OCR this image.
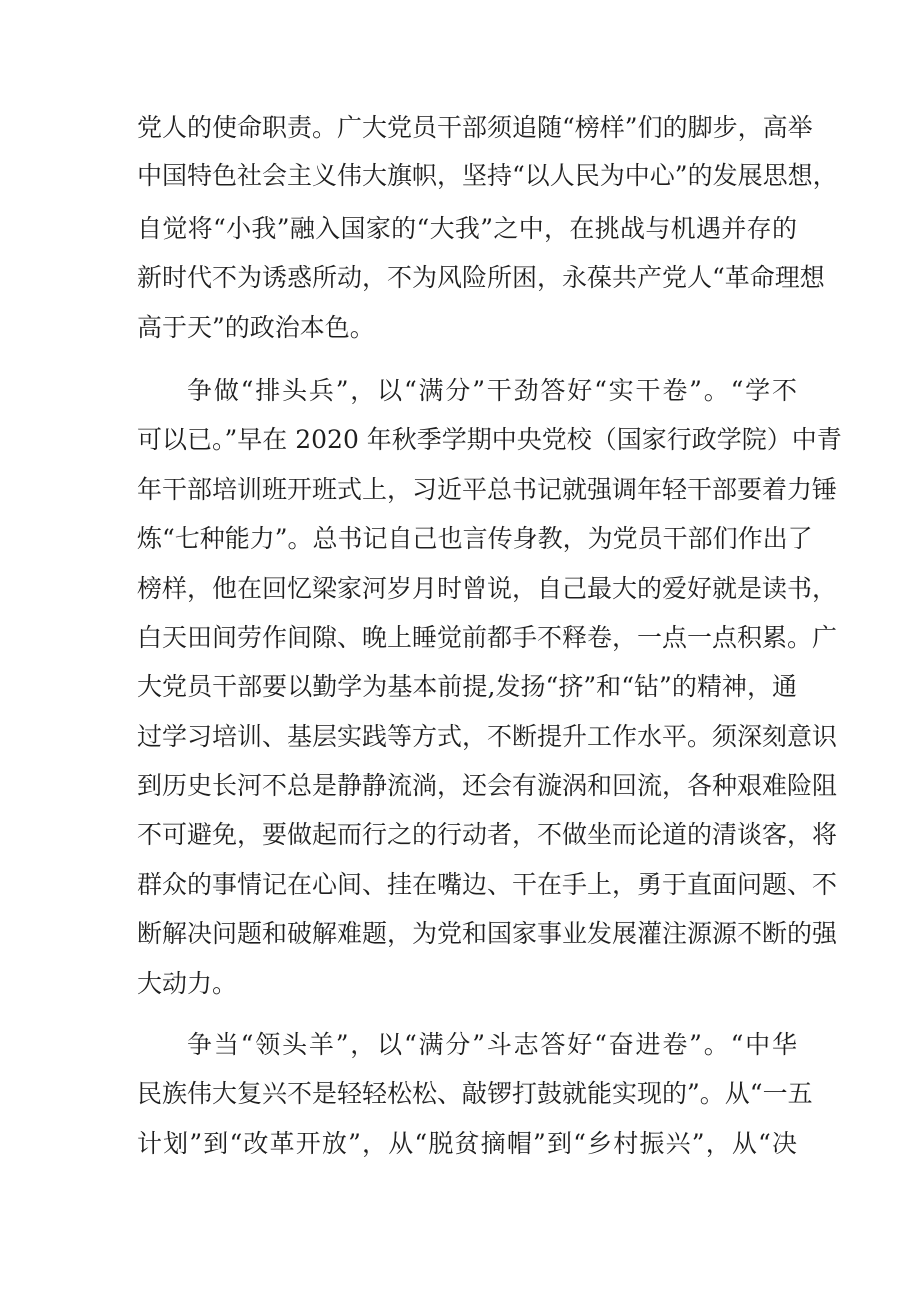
党人的使命职责。广大党员干部须追随“榜样”们的脚步，高举
中国特色社会主义伟大旗帜，坚持“以人民为中心”的发展思想，
自觉将“小我”融入国家的“大我”之中，在挑战与机遇并存的
新时代不为诱惑所动，不为风险所困，永葆共产党人“革命理想
高于天”的政治本色。
争做“排头兵”，以“满分”干劲答好“实干卷”。“学不
可以已。”早在 2020 年秋季学期中央党校（国家行政学院）中青
年干部培训班开班式上，习近平总书记就强调年轻干部要着力锤
炼“七种能力”。总书记自己也言传身教，为党员干部们作出了
榜样，他在回忆梁家河岁月时曾说，自己最大的爱好就是读书，
白天田间劳作间隙、晚上睡觉前都手不释卷，一点一点积累。广
大党员干部要以勤学为基本前提,发扬“挤”和“钻”的精神，通
过学习培训、基层实践等方式，不断提升工作水平。须深刻意识
到历史长河不总是静静流淌，还会有漩涡和回流，各种艰难险阻
不可避免，要做起而行之的行动者，不做坐而论道的清谈客，将
群众的事情记在心间、挂在嘴边、干在手上，勇于直面问题、不
断解决问题和破解难题，为党和国家事业发展灌注源源不断的强
大动力。
争当“领头羊”，以“满分”斗志答好“奋进卷”。“中华
民族伟大复兴不是轻轻松松、敲锣打鼓就能实现的”。从“一五
计划”到“改革开放”，从“脱贫摘帽”到“乡村振兴”，从“决
